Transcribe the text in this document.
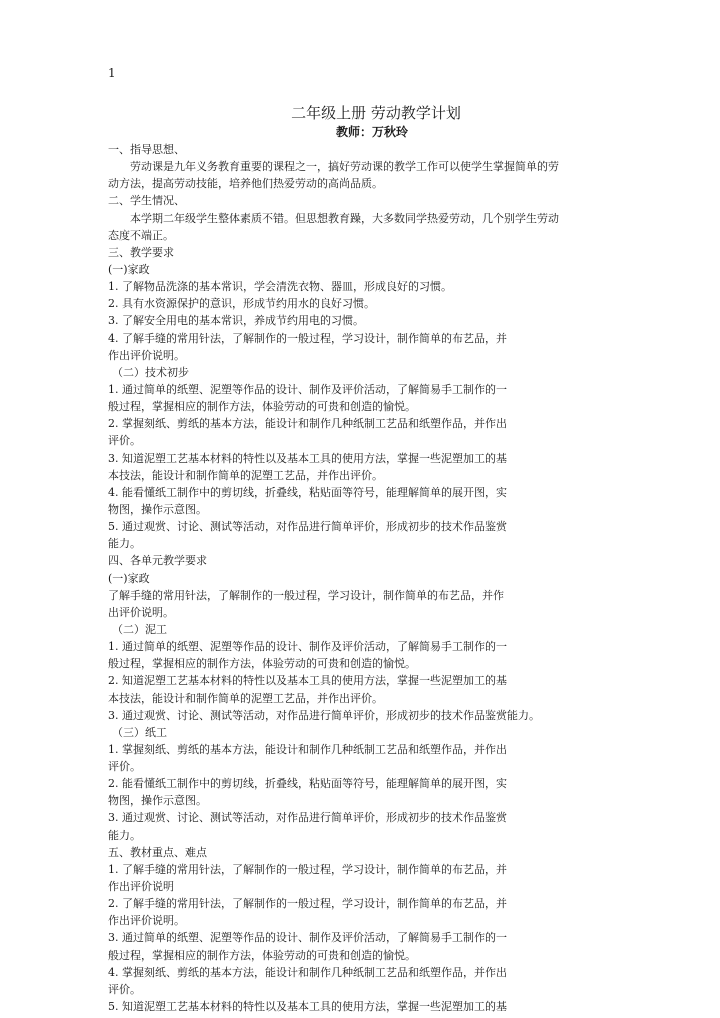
1
二年级上册 劳动教学计划
教师：万秋玲
一、指导思想、
劳动课是九年义务教育重要的课程之一，搞好劳动课的教学工作可以使学生掌握简单的劳
动方法，提高劳动技能，培养他们热爱劳动的高尚品质。
二、学生情况、
本学期二年级学生整体素质不错。但思想教育躁，大多数同学热爱劳动，几个别学生劳动
态度不端正。
三、教学要求
(一)家政
1. 了解物品洗涤的基本常识，学会清洗衣物、器皿，形成良好的习惯。
2. 具有水资源保护的意识，形成节约用水的良好习惯。
3. 了解安全用电的基本常识，养成节约用电的习惯。
4. 了解手缝的常用针法，了解制作的一般过程，学习设计，制作简单的布艺品，并
作出评价说明。
（二）技术初步
1. 通过简单的纸塑、泥塑等作品的设计、制作及评价活动，了解简易手工制作的一
般过程，掌握相应的制作方法，体验劳动的可贵和创造的愉悦。
2. 掌握刻纸、剪纸的基本方法，能设计和制作几种纸制工艺品和纸塑作品，并作出
评价。
3. 知道泥塑工艺基本材料的特性以及基本工具的使用方法，掌握一些泥塑加工的基
本技法，能设计和制作简单的泥塑工艺品，并作出评价。
4. 能看懂纸工制作中的剪切线，折叠线，粘贴面等符号，能理解简单的展开图，实
物图，操作示意图。
5. 通过观赏、讨论、测试等活动，对作品进行简单评价，形成初步的技术作品鉴赏
能力。
四、各单元教学要求
(一)家政
了解手缝的常用针法，了解制作的一般过程，学习设计，制作简单的布艺品，并作
出评价说明。
（二）泥工
1. 通过简单的纸塑、泥塑等作品的设计、制作及评价活动，了解简易手工制作的一
般过程，掌握相应的制作方法，体验劳动的可贵和创造的愉悦。
2. 知道泥塑工艺基本材料的特性以及基本工具的使用方法，掌握一些泥塑加工的基
本技法，能设计和制作简单的泥塑工艺品，并作出评价。
3. 通过观赏、讨论、测试等活动，对作品进行简单评价，形成初步的技术作品鉴赏能力。
（三）纸工
1. 掌握刻纸、剪纸的基本方法，能设计和制作几种纸制工艺品和纸塑作品，并作出
评价。
2. 能看懂纸工制作中的剪切线，折叠线，粘贴面等符号，能理解简单的展开图，实
物图，操作示意图。
3. 通过观赏、讨论、测试等活动，对作品进行简单评价，形成初步的技术作品鉴赏
能力。
五、教材重点、难点
1. 了解手缝的常用针法，了解制作的一般过程，学习设计，制作简单的布艺品，并
作出评价说明
2. 了解手缝的常用针法，了解制作的一般过程，学习设计，制作简单的布艺品，并
作出评价说明。
3. 通过简单的纸塑、泥塑等作品的设计、制作及评价活动，了解简易手工制作的一
般过程，掌握相应的制作方法，体验劳动的可贵和创造的愉悦。
4. 掌握刻纸、剪纸的基本方法，能设计和制作几种纸制工艺品和纸塑作品，并作出
评价。
5. 知道泥塑工艺基本材料的特性以及基本工具的使用方法，掌握一些泥塑加工的基
